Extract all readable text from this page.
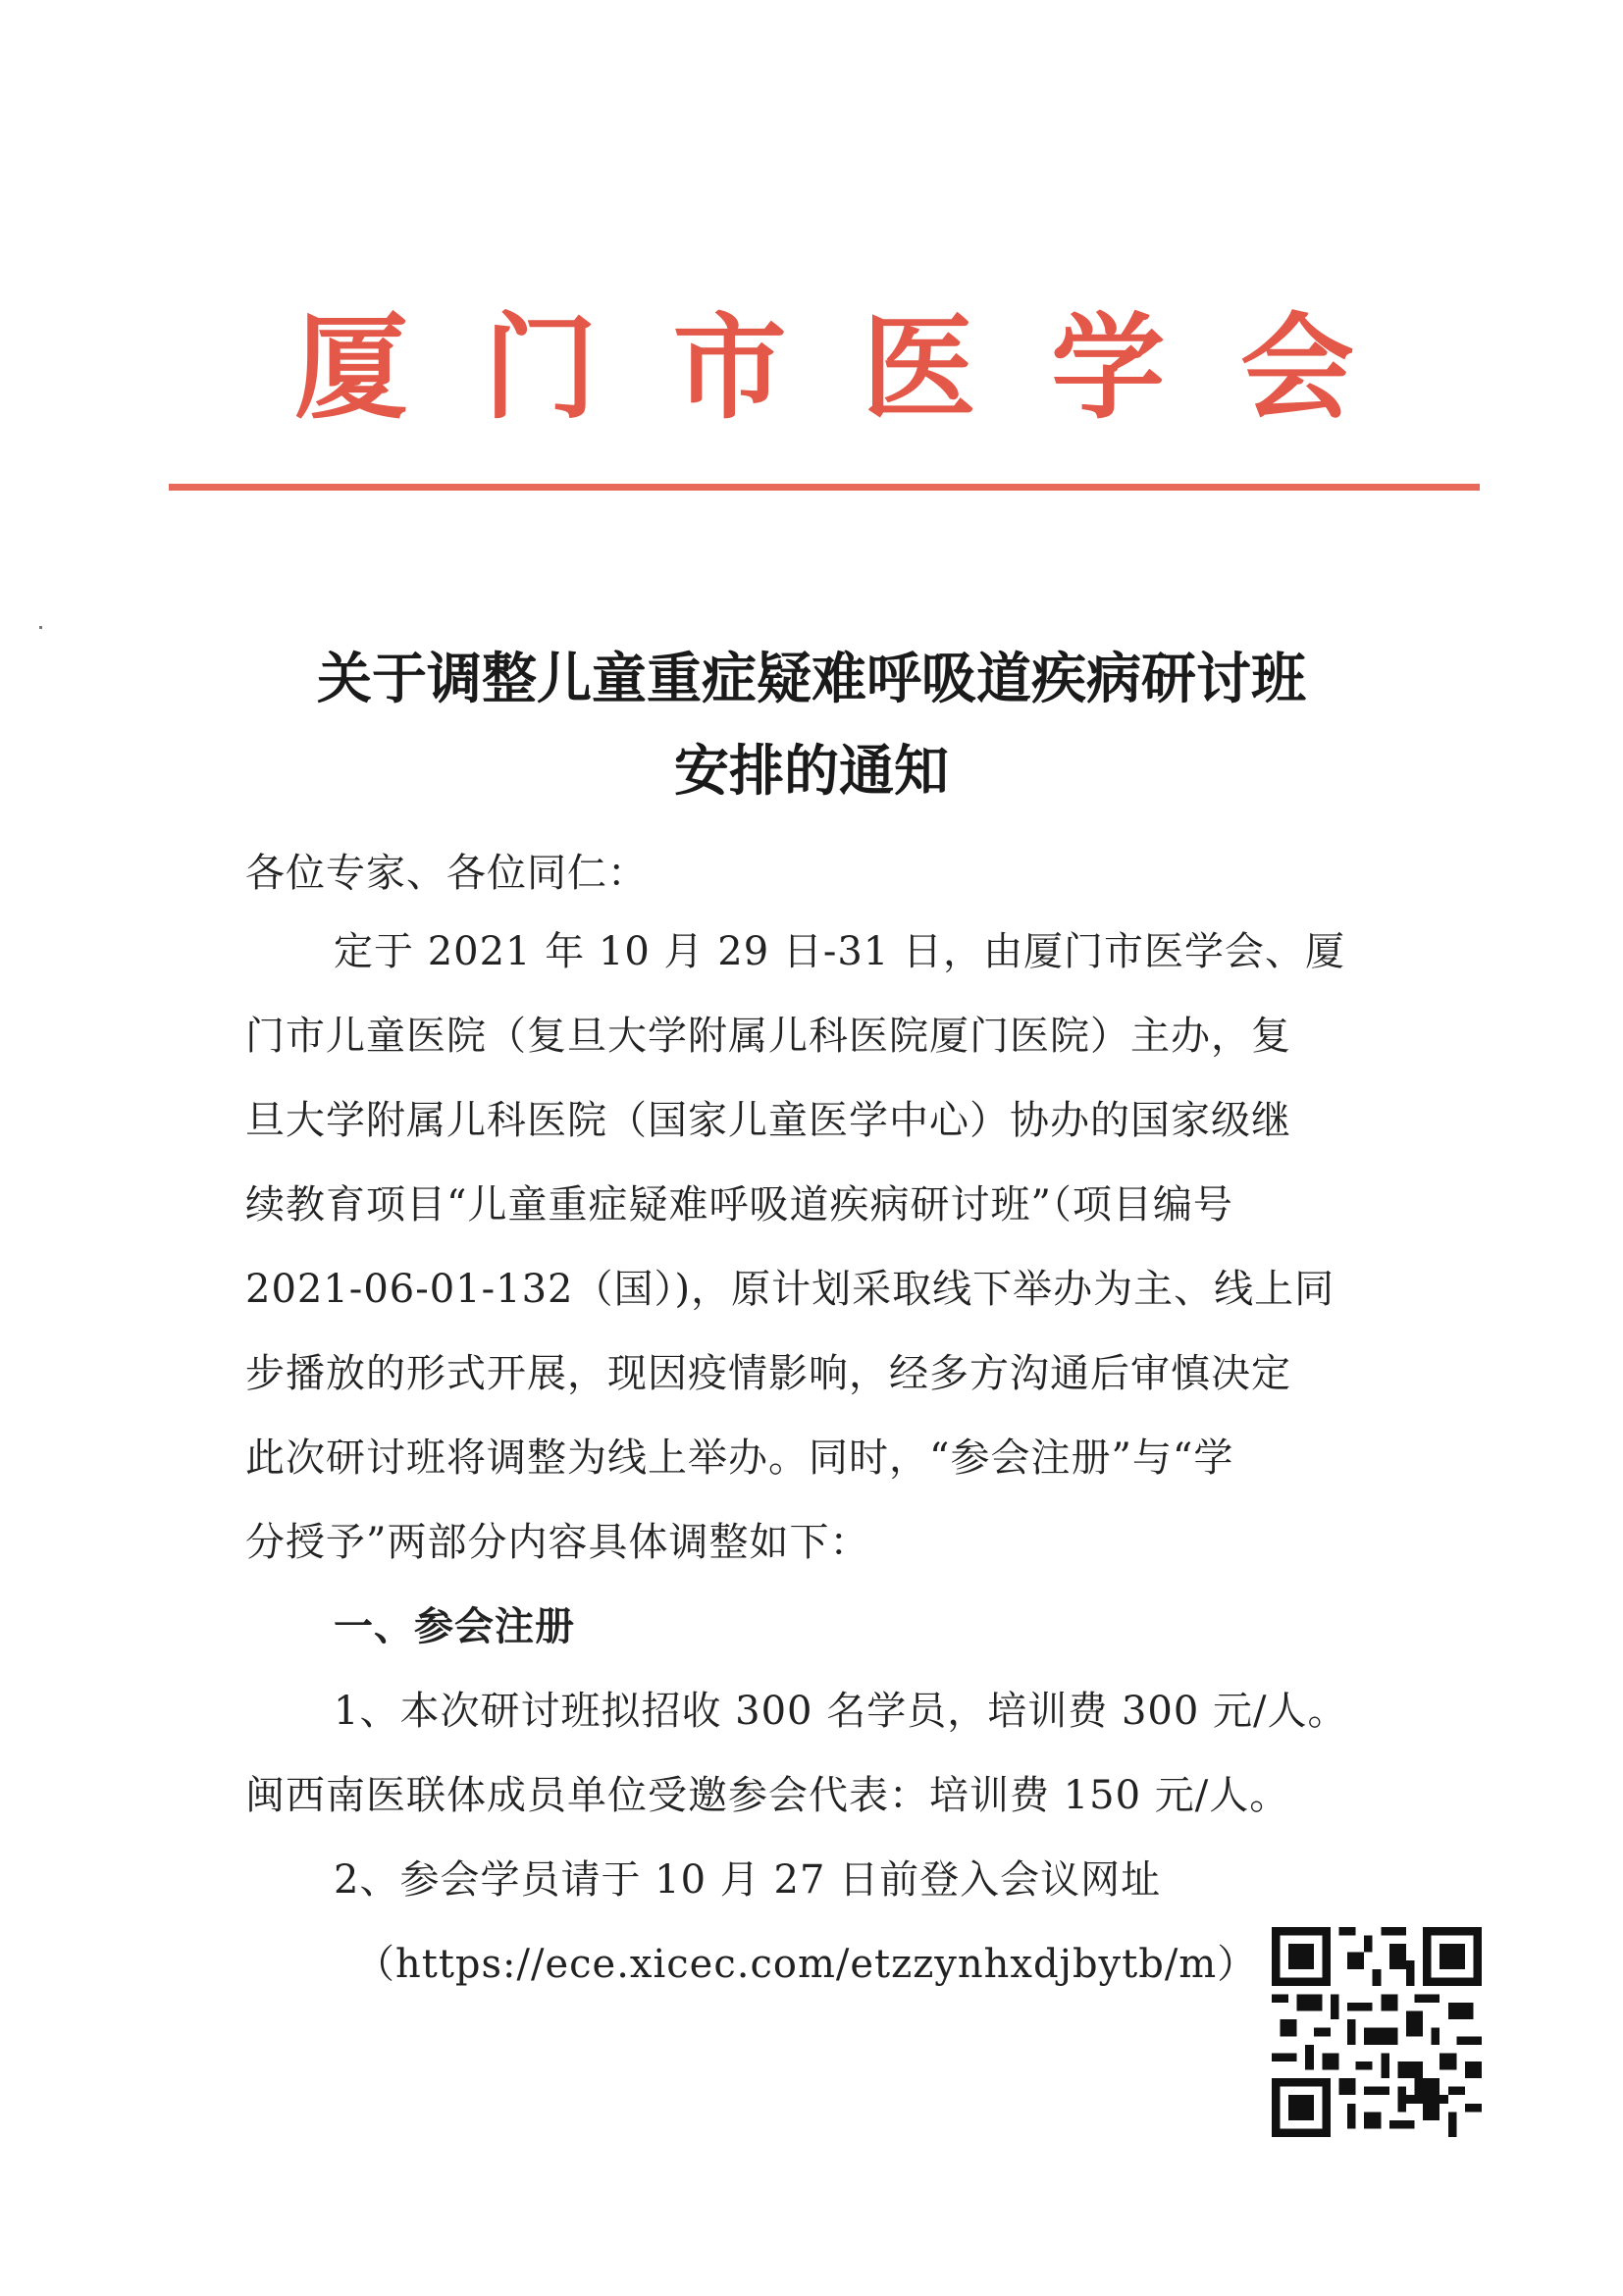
厦 门 市 医 学 会
关于调整儿童重症疑难呼吸道疾病研讨班
安排的通知
各位专家、各位同仁：
定于 2021 年 10 月 29 日-31 日，由厦门市医学会、厦
门市儿童医院（复旦大学附属儿科医院厦门医院）主办，复
旦大学附属儿科医院（国家儿童医学中心）协办的国家级继
续教育项目“儿童重症疑难呼吸道疾病研讨班”（项目编号
2021-06-01-132（国）)，原计划采取线下举办为主、线上同
步播放的形式开展，现因疫情影响，经多方沟通后审慎决定
此次研讨班将调整为线上举办。同时，“参会注册”与“学
分授予”两部分内容具体调整如下：
一、参会注册
1、本次研讨班拟招收 300 名学员，培训费 300 元/人。
闽西南医联体成员单位受邀参会代表：培训费 150 元/人。
2、参会学员请于 10 月 27 日前登入会议网址
（https://ece.xicec.com/etzzynhxdjbytb/m）
